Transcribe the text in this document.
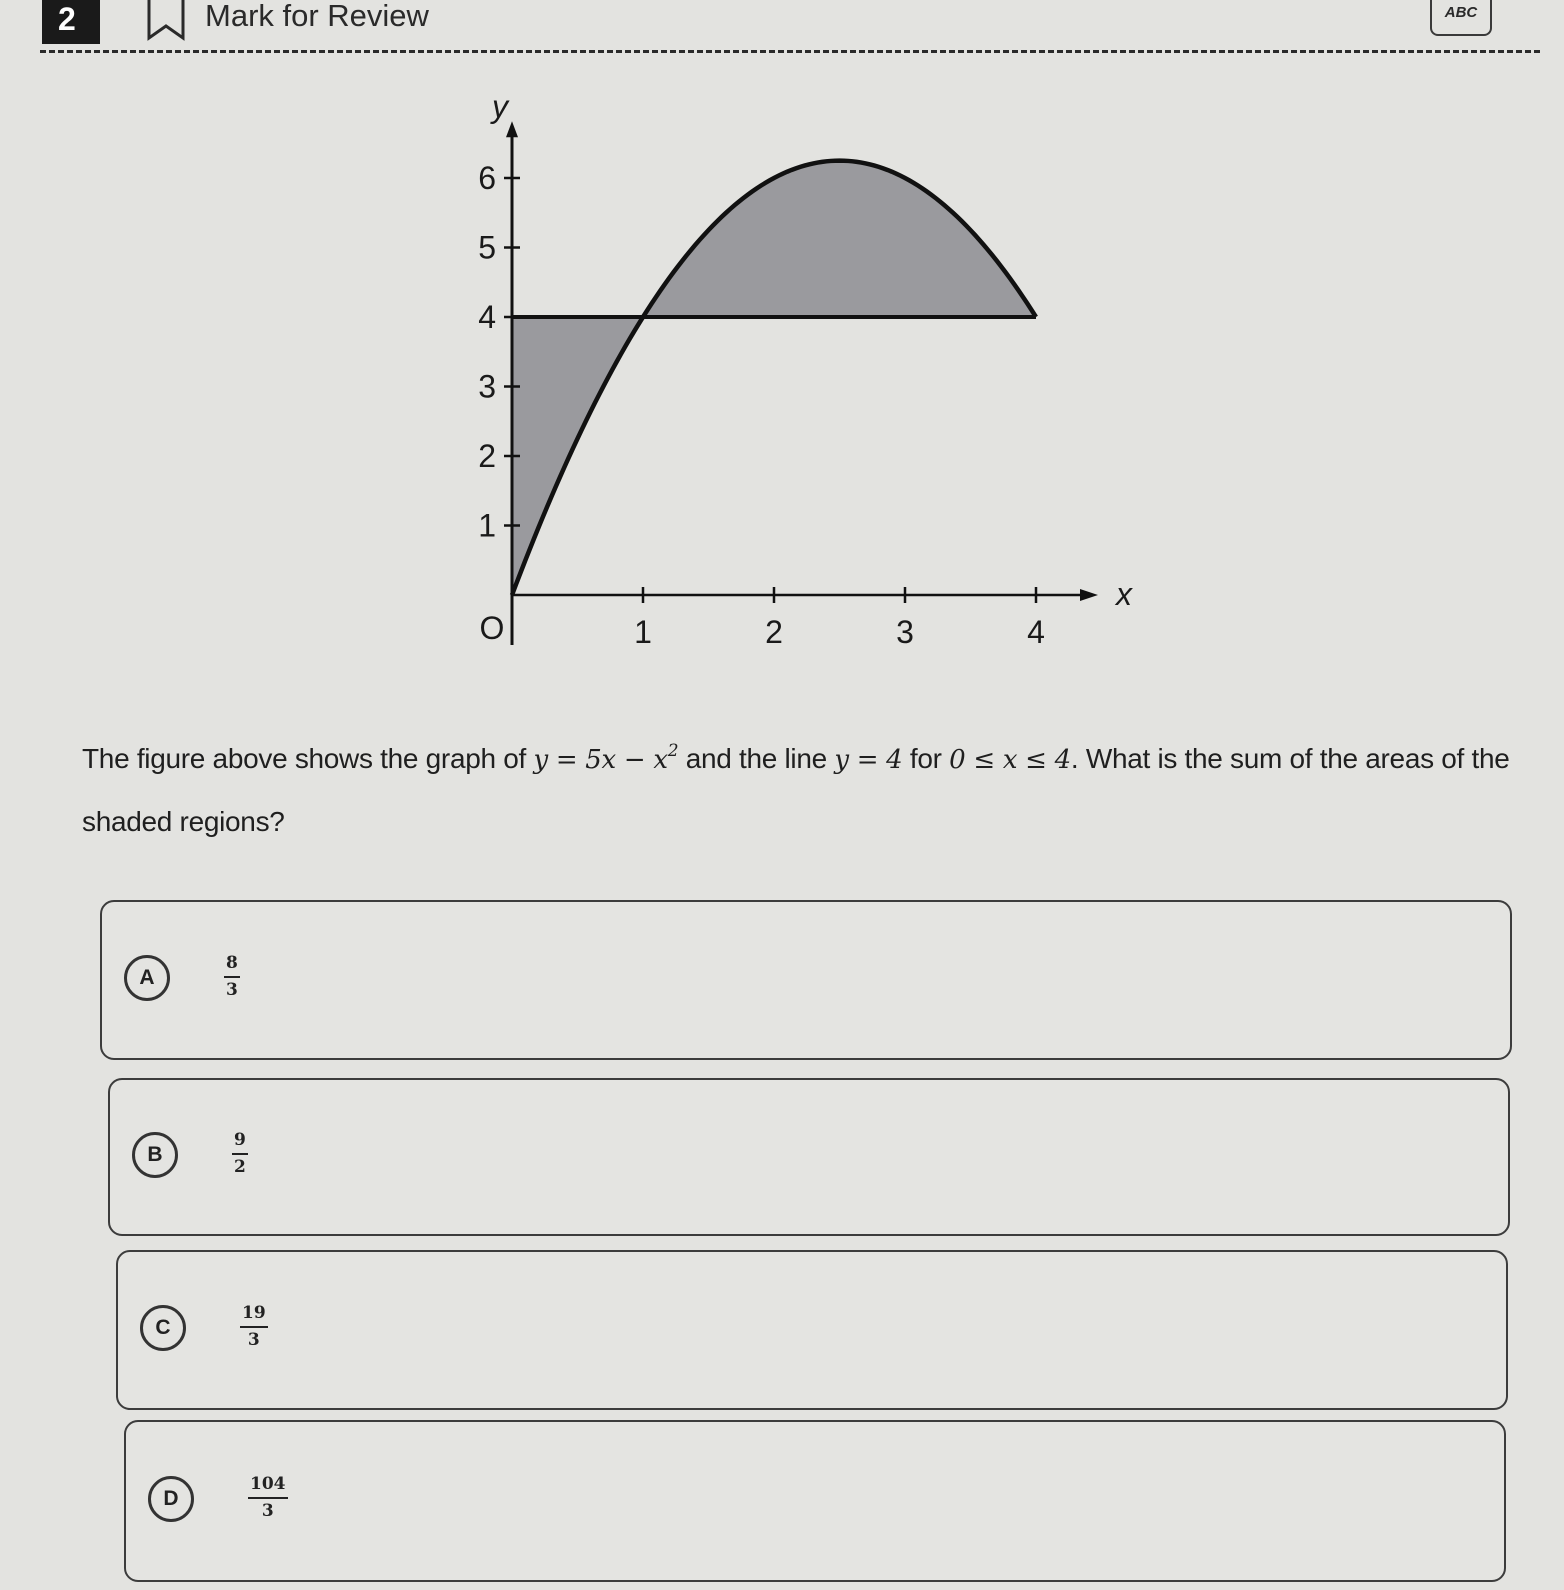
2	Mark for Review	ABC
1	2	3	4
1
2
3
4
5
6
x
y
O
The figure above shows the graph of $y = 5x - x^2$ and the line y = 4 for 0 ≤ x ≤ 4. What is the sum of the areas of the shaded regions?
A	$\frac{8}{3}$
B	$\frac{9}{2}$
C	$\frac{19}{3}$
D	$\frac{104}{3}$
